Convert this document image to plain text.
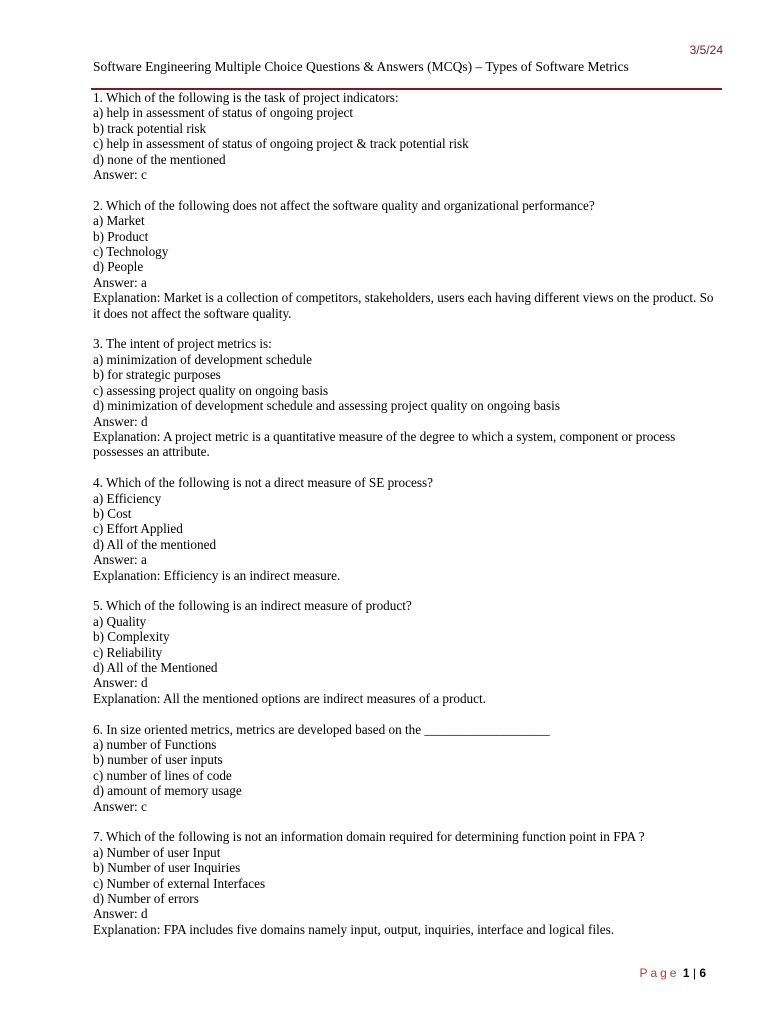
3/5/24
Software Engineering Multiple Choice Questions & Answers (MCQs) – Types of Software Metrics
1. Which of the following is the task of project indicators:
a) help in assessment of status of ongoing project
b) track potential risk
c) help in assessment of status of ongoing project & track potential risk
d) none of the mentioned
Answer: c
2. Which of the following does not affect the software quality and organizational performance?
a) Market
b) Product
c) Technology
d) People
Answer: a
Explanation: Market is a collection of competitors, stakeholders, users each having different views on the product. So it does not affect the software quality.
3. The intent of project metrics is:
a) minimization of development schedule
b) for strategic purposes
c) assessing project quality on ongoing basis
d) minimization of development schedule and assessing project quality on ongoing basis
Answer: d
Explanation: A project metric is a quantitative measure of the degree to which a system, component or process possesses an attribute.
4. Which of the following is not a direct measure of SE process?
a) Efficiency
b) Cost
c) Effort Applied
d) All of the mentioned
Answer: a
Explanation: Efficiency is an indirect measure.
5. Which of the following is an indirect measure of product?
a) Quality
b) Complexity
c) Reliability
d) All of the Mentioned
Answer: d
Explanation: All the mentioned options are indirect measures of a product.
6. In size oriented metrics, metrics are developed based on the ___________________
a) number of Functions
b) number of user inputs
c) number of lines of code
d) amount of memory usage
Answer: c
7. Which of the following is not an information domain required for determining function point in FPA ?
a) Number of user Input
b) Number of user Inquiries
c) Number of external Interfaces
d) Number of errors
Answer: d
Explanation: FPA includes five domains namely input, output, inquiries, interface and logical files.
Page 1 | 6
